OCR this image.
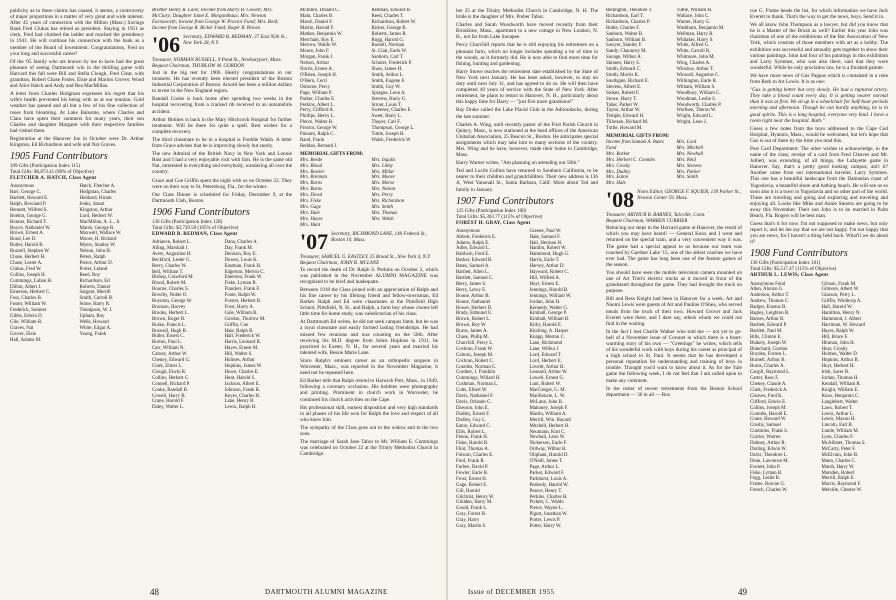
publicity as to these claims has caused, it seems, a controversy of major proportions in a matter of very great and wide interest. After 45 years of connection with the Milton (Mass.) Savings Bank Fred Clukas has retired as president. Staying in 1951 as clerk, Fred had climbed the ladder and reached the presidency in 1941. He will continue his connection with the bank as a member of the Board of Investment. Congratulations, Fred on your long and successful career!

Of the '05 family who are known by me to have had the great pleasure of seeing Dartmouth win in the thrilling game with Harvard this fall were Bill and Stella Clough, Fred Cleat, with grandson, Robert Chase Foster, Elsie and Marion Grover, Wood and Alice Hatch and Andy and Bea MacMillan.

A letter from Charles Hodgman expresses his regret that his wife's health prevented his being with us at our reunion. Gold weather has passed and all but a few of his fine collection of roses from blooming. At Lake Balsome, where Charles and Clara have spent their summers for many years, their son Charles and daughter Margaret with their respective families had visited them.

Registration at the Hanover Inn in October were Dr. Arthur Kingston, Ed Richardson and wife and Nat Graves.

1905 Fund Contributors
109 Gifts (Participation Index 115)
Total Gifts: $6,873.41 (98% of Objective)
FLETCHER A. HATCH, Class Agent
Anonymous
Barr, George C.
Bartlett, Howard E.
Balph, Rowland P.
Bennett, Wilfred S.
Boehm, George G.
Bonner, Richard T.
Boyce, Nathaniel W.
Brown, Ernest A.
Bond, Lee D.
Butler, Harold B.
Buzzell, Stephen W.
Chase, Herbert H.
Chase, Lester A.
Clukas, Fred W.
Collins, Joseph H.
Cummings, Laban H.
Dillon, Albert J.
Emerson, Herbert C.
Foss, Charles B.
Foster, William W.
Frederick, Sumner
Gibbs, Edwin D.
Gile, William R.
Graves, Nat
Grover, Elsie
Hall, Adams M.
Hatch, Fletcher A.
Hodgman, Charles
Hubbard, Hiram
Jenks, Stuart
Kingston, Arthur
Lord, Herbert W.
MacMillan, A. L., Jr.
Marsh, George R.
Maxwell, Wallace W.
Moore, H. Richard
Myers, Stanley W.
Nelson, John H.
Peters, Ralph
Pierce, Arthur D.
Porter, Leland
Reed, Roy
Richardson, Ed
Roberts, Daniel
Sargent, Merrill
Smith, Carroll B.
Stone, Harry R.
Thompson, W. J.
Upham, Roy
Wells, Howard
White, Edgar A.
Young, Frank
Brother Henry R. Lane; Income from Harry B. Cowell; Mrs. McClary; Daughter Janet E. Morganthaus; Mrs. Newton Farnsworth; Income from George W. Proctor Fund; Mrs. Reid; Income from George R. Ricker Fund; Roger R. Brown
'06 Secretary, EDWARD B. REDMAN, 37 East 95th St., New York 28, N.Y.
Treasurer, NORMAN RUSSELL, 9 Pond St., Newburyport, Mass.
Bequest Chairman, THURLOW M. GORDON

Just in the big test for 1906. Hearty congratulations to our treasurer. He has recently been elected president of the Boston Industrial Corporation of Boston. Arnold has been a million dollars to invest in the New England region.

Randall Cooke is back home after spending two weeks in the hospital recovering from a cracked rib received in an automobile accident.

Arthur Holmes is back in the Mary Hitchcock Hospital for further treatment. Will be there for quite a spell. Best wishes for a complete recovery.

The third classmate to be in a hospital is Freddie Walsh. A letter from Grace advises that he is improving slowly but surely.

The new Admiral of the British Navy in New York and Lonnie Rust and I had a very enjoyable visit with him. He is the same old Nat, interested in everything and everybody, wandering all over the country.

Grace and Coe Griffin spent the night with us on October 22. They were on their way to St. Petersburg, Fla., for the winter.

Our Class Dinner is scheduled for Friday, December 9, at the Dartmouth Club, Boston.

1906 Fund Contributors
136 Gifts (Participation Index 128)
Total Gifts: $3,739.50 (105% of Objective)
EDWARD B. REDMAN, Class Agent
Adriance, Robert L.
Alling, Marshall J.
Avers, Augustine H.
Beckford, Lester G.
Berry, Charles W.
Bell, William T.
Bishop, Crawford M.
Blood, Robert M.
Bourne, Charles S.
Bowlby, Noble O.
Boynton, George W.
Bronson, Harvey
Brooks, Herbert L.
Brown, Roger B.
Burke, Francis L.
Buswell, Hugh B.
Butler, Ernest C.
Burton, Paul L.
Carr, William N.
Carney, Arthur W.
Cheney, Edward G.
Clark, Elmer L.
Clough, Elwin R.
Collins, Herbert C.
Connell, Richard P.
Cooke, Randall B.
Cowell, Harry B.
Crane, Harold F.
Daley, Walter L.
Dana, Charles A.
Day, Frank M.
Denison, Roy E.
Downs, Louis K.
Eastman, Frank H.
Edgerton, Melvin C.
Emerson, Frank W.
Fiske, Lyman B.
Flanders, Frank F.
Foote, Ralph W.
Forster, Herbert B.
Frost, Harry A.
Gale, William R.
Gordon, Thurlow M.
Griffin, Coe
Hale, Ralph B.
Hall, Frederick W.
Harris, Leonard R.
Hayes, Ernest M.
Hill, Walter S.
Holmes, Arthur
Hopkins, James W.
Howe, Charles E.
Hunt, Harold S.
Jackson, Albert E.
Johnson, Frank R.
Keyes, Charles H.
Lane, Henry R.
Lewis, Ralph H.
McIntire, Donald C.
Main, Charles B.
Marsh, Daniel F.
Martin, Harold F.
Mathes, Benjamin W.
Merchant, Roy E.
Merrow, Waldo W.
Moore, John F.
Morgan, Frank J.
Nelson, Arthur
Norris, Ernest A.
O'Brien, Joseph H.
O'Hern, Cecil
Osborne, Percy
Page, William P.
Parker, Charles E.
Perkins, Albert L.
Perry, Clifford A.
Phillips, Henry L.
Pierce, Walter B.
Proctor, George W.
Putnam, Ralph C.
Rand, Frank
Reddan, Bernard J.
Redman, Edward B.
Reed, Charles T.
Richardson, Robert W.
Ricker, George R.
Roberts, James R.
Rugg, Harold G.
Russell, Norman
St. Clair, Earle W.
Sanborn, Carl T.
Schuler, Frederick P.
Shaw, James H.
Smith, Arthur L.
Smith, Eugene F.
Smith, Guy W.
Sprague, Leon A.
Stevens, Harry G.
Strout, Louis T.
Sweeney, Charles E.
Swett, Harry L.
Thayer, Carl F.
Thompson, George L.
Tuttle, Joseph H.
Walsh, Frederick W.
MEMORIAL GIFTS FROM:
Mrs. Beede
Mrs. Blood
Mrs. Bowler
Mrs. Brennan
Mrs. Burns
Mrs. Burns
Mrs. Dowd
Mrs. Fiske
Mrs. Gage
Mrs. Hale
Mrs. Hayes
Mrs. Hunt
Mrs. Ingalls
Mrs. Libby
Mrs. Millar
Mrs. Moore
Mrs. Morse
Mrs. Nelson
Mrs. Perry
Mrs. Richardson
Mrs. Smith
Mrs. Thomas
Mrs. Walsh
'07 Secretary, RICHMOND LANE, 140 Federal St., Boston 10, Mass.
Treasurer, SAMUEL G. EASTLEY, 25 Broad St., New York 4, N.Y.
Bequest Chairman, JOHN R. MCLANE

To record the death of Dr. Ralph S. Perkins on October 2, which was published in the November ALUMNI MAGAZINE was recognized to be brief and inadequate.

Between 1918 the Class joined with an appreciation of Ralph and his fine career by his lifelong friend and fellow-townsman, Ed Barker. Ralph and Ed were classmates at the Pittsfield High School, Pittsfield, N. H., and Ralph, a farm boy whose chores left little time for home study, was valedictorian of his class.

At Dartmouth Ed writes, he did not seek campus fame, but he was a loyal classmate and easily formed lasting friendships. He had missed few reunions and was counting on the 50th. After receiving his M.D. degree from Johns Hopkins in 1911, he practiced in Exeter, N. H., for several years and married his talented wife, Bessie Marie Lane.

Since Ralph's eminent career as an orthopedic surgeon in Worcester, Mass., was reported in the November Magazine, it need not be repeated here.

Ed Barker tells that Ralph retired to Harwich Port, Mass., in 1949, following a coronary occlusion. His hobbies were photography and printing. Prominent in church work in Worcester, he continued his church activities on the Cape.

His professional skill, earnest disposition and very high standards in all phases of his life won for Ralph the love and respect of all who knew him.

The sympathy of the Class goes out to the widow and to the two sons.

The marriage of Sarah Jane Tabor to Mr. William E. Cummings was celebrated on October 22 at the Trinity Methodist Church in Cambridge.

48	DARTMOUTH ALUMNI MAGAZINE

ber 25 at the Trinity Methodist Church in Cambridge, N. H. The bride is the daughter of Mrs. Preber Tabor.

Charles and Sarah Woodworth have moved recently from their Brookline, Mass., apartment to a new cottage in New London, N. H., not far from Lake Sunapee.

Percy Churchill reports that he is still enjoying his retirement on a pleasant farm, which no longer includes spending a lot of time in the woods, as it formerly did. He is now able to find more time for fishing, hunting and gardening.

Harry Stowe reaches the retirement date established by the State of New York next January. He has been asked, however, to stay on duty until next July 31, and has agreed to do so. He will then have completed 49 years of service with the State of New York. After retirement, he plans to return to Hanover, N. H., particularly about this happy time for Harry — "just five more grandsons!"

Ray Drake called the Lake Placid Club in the Adirondacks, during the late summer.

Charles A. Wing, until recently pastor of the First Parish Church in Quincy, Mass., is now stationed at the head offices of the American Unitarian Association, 25 Beacon St., Boston. He anticipates special assignments which may take him to many sections of the country. Mrs. Wing and he have, however, made their home in Cambridge, Mass.

Harry Warner writes, "Am planning on attending our 50th."

Ted and Lucile Collins have returned to Southern California, to be nearer to their children and grandchildren. Their new address is 136 A, West Yanonali St., Santa Barbara, Calif. More about Ted and family in January.

1907 Fund Contributors
125 Gifts (Participation Index 100)
Total Gifts: $5,303.77 (115% of Objective)
FOREST H. GRAY, Class Agent
Anonymous
Abbott, Frederick E.
Adams, Ralph E.
Adler, Edward L.
Baldwin, Fred E.
Barker, Edward B.
Bates, Samuel A.
Bartlett, Allen L.
Bartlett, Samuel C.
Berry, James S.
Berry, Leroy E.
Boone, Arthur B.
Boone, Nathaniel
Bower, Herbert D.
Brady, Edmund G.
Brown, Robert L.
Brown, Roy W.
Burns, James A.
Chase, Philip M.
Churchill, Percy L.
Cochran, Frank W.
Coburn, Joseph M.
Cochran, Robert C.
Coombs, Norman C.
Cordner, J. Franklin
Cummings, Willard H.
Cushman, Norman L.
Cutts, Elbert W.
Davis, Nathaniel F.
Davis, Orlando C.
Dawson, John E.
Dudley, Ernest F.
Dudley, Guy L.
Eaton, Edward C.
Ellis, Robert L.
Fenno, Frank H.
Fiske, Harold B.
Flint, Thomas A.
Folsom, Charles E.
Ford, Frank R.
Forbes, David P.
Fowler, Earle B.
Frost, Ernest H.
Gage, Robert E.
Gill, Harold
Gilchrist, Henry W.
Glidden, Harry M.
Gould, Frank L.
Gray, Forest H.
Gray, Harry
Gray, Martin S.
Greene, Paul W.
Hale, Samuel F.
Hall, Herman H.
Hamlin, Robert W.
Hammond, Hugh G.
Harris, Earle T.
Harvey, Arthur D.
Hayward, Robert C.
Hill, Wilfred A.
Hoyt, Ernest E.
Jennings, Harold B.
Jennings, William W.
Jordan, John H.
Kennedy, Walter G.
Kimball, George P.
Kimball, William B.
Kirby, Harold E.
Kitching, A. Harper
Knapp, Merton C.
Lane, Richmond
Lane, Wilbur J.
Lord, Edward T.
Lord, Herbert E.
Loveitt, Arthur H.
Leonard, Arthur W.
Lowell, Ernest G.
Lunt, Robert W.
MacGregor, G. M.
MacKenzie, L. W.
McLane, John R.
Mahoney, Joseph F.
Martin, William A.
Merrill, Wm. Bayard
Mitchell, Herbert H.
Neumann, Kurt C.
Newhall, Leon W.
Nickerson, Earle F.
Ordway, Wilbur R.
Oliphant, Harold D.
O'Neill, James T.
Page, Arthur L.
Parker, Edward F.
Parkhurst, Louis A.
Peabody, Harold W.
Pearce, Henry T.
Perkins, Charles H.
Pickett, C. Waldo
Pierce, Wayne L.
Pigott, Jonathan W.
Porter, Lewis P.
Potter, Harry W.
Redington, Theodore T.
Richardson, Earl T.
Richardson, Charles P.
Robie, Charles F.
Sanborn, Walter B.
Sanborn, William B.
Sawyer, Stanley F.
Sandy, Chauncey M.
Savage, Wilbur A.
Skinner, Harry S.
Smith, Edward C.
Smith, Morris K.
Southgate, Richard E.
Stevens, Albert E.
Stokes, Robert F.
Stowe, Harry T.
Taber, Parker W.
Taylor, Arthur W.
Temple, Edward H.
Tillotson, Richard M.
Tuttle, Howard M.
Tuttle, William H.
Wallace, John C.
Warner, Harry G.
Washburn, Benjamin M.
Wellman, Harry R.
Whitaker, Harry S.
White, Alfred G.
White, Carroll R.
Whitmore, John M.
Wing, Charles A.
Winslow, Arthur T.
Winwall, Augustus C.
Withington, Earle R.
Witham, William S.
Woodbury, William C.
Woodman, Leslie S.
Woodworth, Charles P.
Worthen, Theron W.
Wright, Edward L.
Wright, Leon J.
MEMORIAL GIFTS FROM:
Income from Samuel A. Bates Fund
Mrs. Barker
Mrs. Herbert C. Coombs
Mrs. Crosby
Mrs. Dudley
Mrs. Eaton
Mrs. Hale
Mrs. Lord
Mrs. Mitchell
Mrs. Newhall
Mrs. Reid
Mrs. Stevens
Mrs. Parker
Mrs. Smith
'08 Notes Editor, GEORGE F. SQUIER, 139 Parker St., Newton Center 59, Mass.
Treasurer, ARTHUR B. BARNES, Talcville, Conn.
Bequest Chairman, WARREN CURRIER

Retracing our steps to the Harvard game at Hanover, the result of which you may have heard! — General Knox and I went and returned on the special train, and a very convenient way it was. The game had a special appeal to us because our team was coached by Gardner Lake '15, one of the ablest coaches we have ever had. The game has long been one of the feature games of the season.

You should have seen the mobile television camera mounted on one of Art Trott's electric trucks as it moved in front of the grandstand throughout the game. They had brought the truck on purpose.

Bill and Bess Knight had been in Hanover for a week. Art and Naomi Lewis were guests of Art and Pauline O'Shea, who served meals from the truck of their own. Howard Grover and Jack Everett were there, and I dare say, others whom we could not find in the waiting.

In the fact I met Charlie Walker who told me — not yet to go-hell of a November issue of Coronet in which there is a heart-warming story of his own — "Greetings" he writes, which tells of his wonderful work with boys during his career as principal of a high school in St. Paul. It seems that he has developed a personal reputation for understanding and training of boys in trouble. Thought you'd want to know about it. As for the Yale game the following week, I do not feel that I am called upon to make any comment.

In the roster of recent retirements from the Boston School department — 36 in all — Ros

coe G. Frame heads the list, for which information we have Jack Everett to thank. That's the way to get the news, boys. Send it in.

We all know John Thompson as a lawyer, but did you know that he is a Master of the Brush as well? Earlier this year John was chairman of one of the exhibitions of the Bar Association of New York, which consists of those members with art as a hobby. The exhibition was successful and annually gets together to show their various paintings. John had four of his paintings in this exhibition and Larry Symmes, who was also there, said that they were wonderful. While he only proclaims law, he is a finished painter.

We have more news of Gus Pappas which is contained in a note from Ruth to Art Lewis. It is as one:

"Gus is getting better but very slowly. He had a ruptured artery. They take a blood count every day. It is getting nearer normal than it was at first. We sit up in a wheelchair for half-hour periods morning and afternoon. Though he can hardly anything, he is in good spirits. This is a long hospital, everyone very kind. I have a room right near the hospital. Ruth."

Guess a few notes from the boys addressed to the Cape Cod Hospital, Hyannis, Mass., would be welcomed, but let's hope that Gus is out of there by the time you read this.

Post Card Department: The other wishes to acknowledge, in the name of the class, receipt of a card from Fred Cleaves and Mr. Jolliett, was extending, of all things, the Lafayette game in Hanover. Say, that's a pretty good looking campus, ain't it? Another came from our international traveler, Larry Symmes. This one has a beautiful landscape from the Dalmatian coast of Yugoslavia, a beautiful shore and bathing beach. He will see us so soon also it is a town in Yugoslavia and no other part of the world. These are traveling and going and exploring and traveling and enjoying all. Looks like Mike and Annie Stearns are going to be away this November. Their son John is to be married in Palm Beach, Fla. Rogers will be best man.

Guess that's it for now. I'm not supposed to make news, but only report it, and let me say that we are not happy. I'm not happy that you are news, for I haven't a thing held back. What'll we do about it?

1908 Fund Contributors
130 Gifts (Participation Index 101)
Total Gifts: $5,517.47 (115% of Objective)
ARTHUR L. LEWIS, Class Agent
Anonymous Fund
Allen, Alonzo G.
Anderson, Arthur T.
Andrew, Thomas C.
Badger, Erastus B.
Bagley, Leighton B.
Barnes, Arthur B.
Bartlett, Edward P.
Bartlett, Paul M.
Bills, Clinton E.
Blakely, Joseph W.
Blanchard, Gordon
Boyden, Forrest L.
Burnell, Arthur B.
Burns, Charles A.
Cargill, Raymond L.
Carter, Ross F.
Cheney, Claude A.
Clark, Frederick A.
Cleaves, Fred K.
Clifford, Edwin E.
Collins, Joseph M.
Coombs, Harold E.
Crane, Howard W.
Crosby, Samuel
Cummins, Frank S.
Currier, Warren
Dabney, Arthur R.
Darling, Edwin W.
Davis, Theodore L.
Dean, Lawrence M.
Everett, John P.
Fiske, Lyman B.
Fogg, Leslie R.
Frame, Roscoe G.
French, Charles W.
Gibson, Frank M.
Gilmore, Albert W.
Glasson, Perry L.
Griffin, Winthrop A.
Hall, Harold W.
Hamilton, Henry N.
Hammond, J. Albert
Harriman, W. Howard
Hayes, Ralph W.
Hill, Bruce F.
Hinman, John H.
Hoar, Crosby
Holmes, Walter D.
Hopkins, Arthur B.
Hoyt, Herbert H.
Irish, Sacer B.
Jordan, Thomas H.
Kendall, William R.
Knight, William E.
Knox, Benjamin C.
Langlebert, Walter
Laws, Robert T.
Lewis, Arthur L.
Lewis, Maxon H.
Lincoln, Earl B.
Lunde, William M.
Lyon, Charles F.
McAllister, Thomas S.
McCarty, Peter F.
McElvain, John B.
Mann, Charles C.
Marsh, Harry W.
Marsden, Robert
Merrill, Ralph E.
Morris, Raymond F.
Melville, Chester W.
Issue of DECEMBER 1955	49
